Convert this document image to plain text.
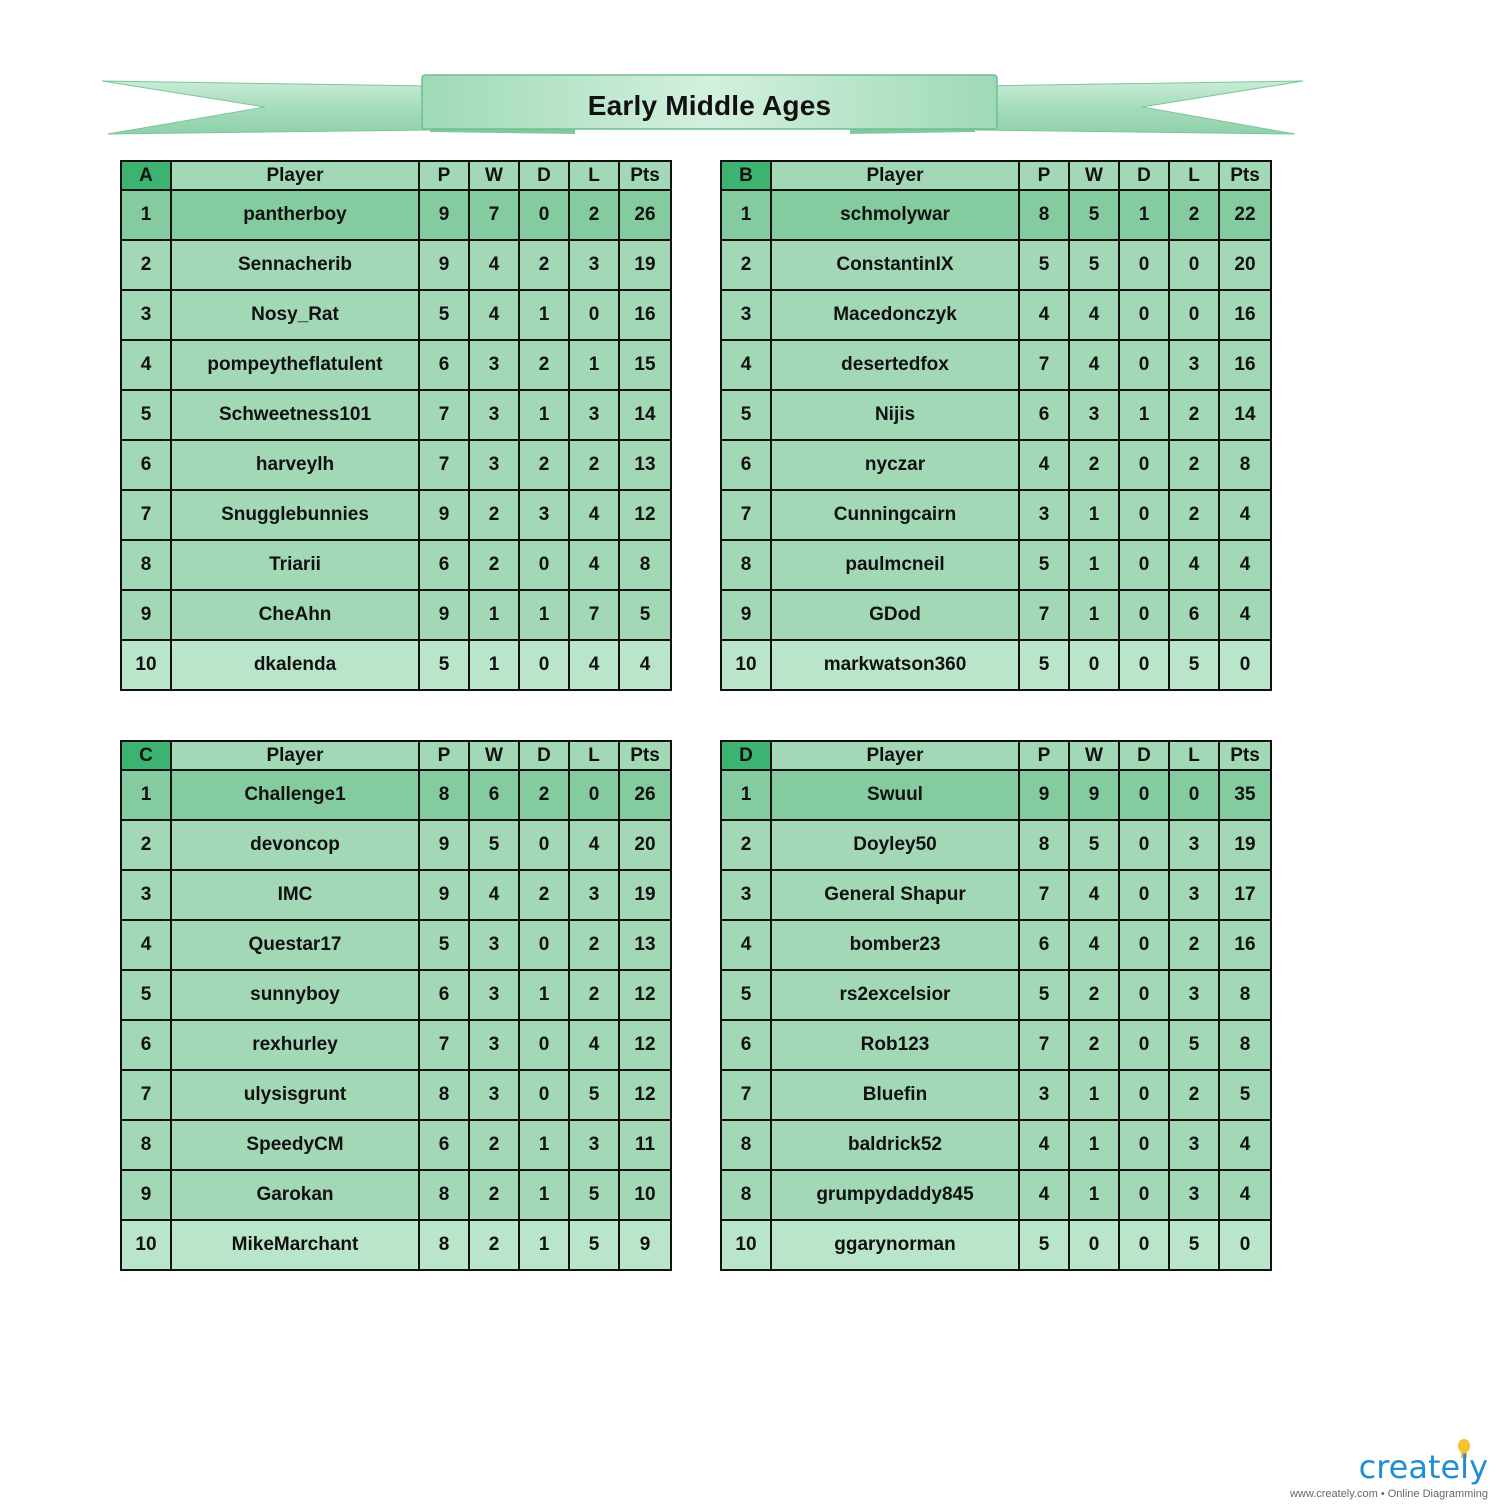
Early Middle Ages
A	Player	P	W	D	L	Pts
1	pantherboy	9	7	0	2	26
2	Sennacherib	9	4	2	3	19
3	Nosy_Rat	5	4	1	0	16
4	pompeytheflatulent	6	3	2	1	15
5	Schweetness101	7	3	1	3	14
6	harveylh	7	3	2	2	13
7	Snugglebunnies	9	2	3	4	12
8	Triarii	6	2	0	4	8
9	CheAhn	9	1	1	7	5
10	dkalenda	5	1	0	4	4
B	Player	P	W	D	L	Pts
1	schmolywar	8	5	1	2	22
2	ConstantinIX	5	5	0	0	20
3	Macedonczyk	4	4	0	0	16
4	desertedfox	7	4	0	3	16
5	Nijis	6	3	1	2	14
6	nyczar	4	2	0	2	8
7	Cunningcairn	3	1	0	2	4
8	paulmcneil	5	1	0	4	4
9	GDod	7	1	0	6	4
10	markwatson360	5	0	0	5	0
C	Player	P	W	D	L	Pts
1	Challenge1	8	6	2	0	26
2	devoncop	9	5	0	4	20
3	IMC	9	4	2	3	19
4	Questar17	5	3	0	2	13
5	sunnyboy	6	3	1	2	12
6	rexhurley	7	3	0	4	12
7	ulysisgrunt	8	3	0	5	12
8	SpeedyCM	6	2	1	3	11
9	Garokan	8	2	1	5	10
10	MikeMarchant	8	2	1	5	9
D	Player	P	W	D	L	Pts
1	Swuul	9	9	0	0	35
2	Doyley50	8	5	0	3	19
3	General Shapur	7	4	0	3	17
4	bomber23	6	4	0	2	16
5	rs2excelsior	5	2	0	3	8
6	Rob123	7	2	0	5	8
7	Bluefin	3	1	0	2	5
8	baldrick52	4	1	0	3	4
8	grumpydaddy845	4	1	0	3	4
10	ggarynorman	5	0	0	5	0
creately
www.creately.com • Online Diagramming
